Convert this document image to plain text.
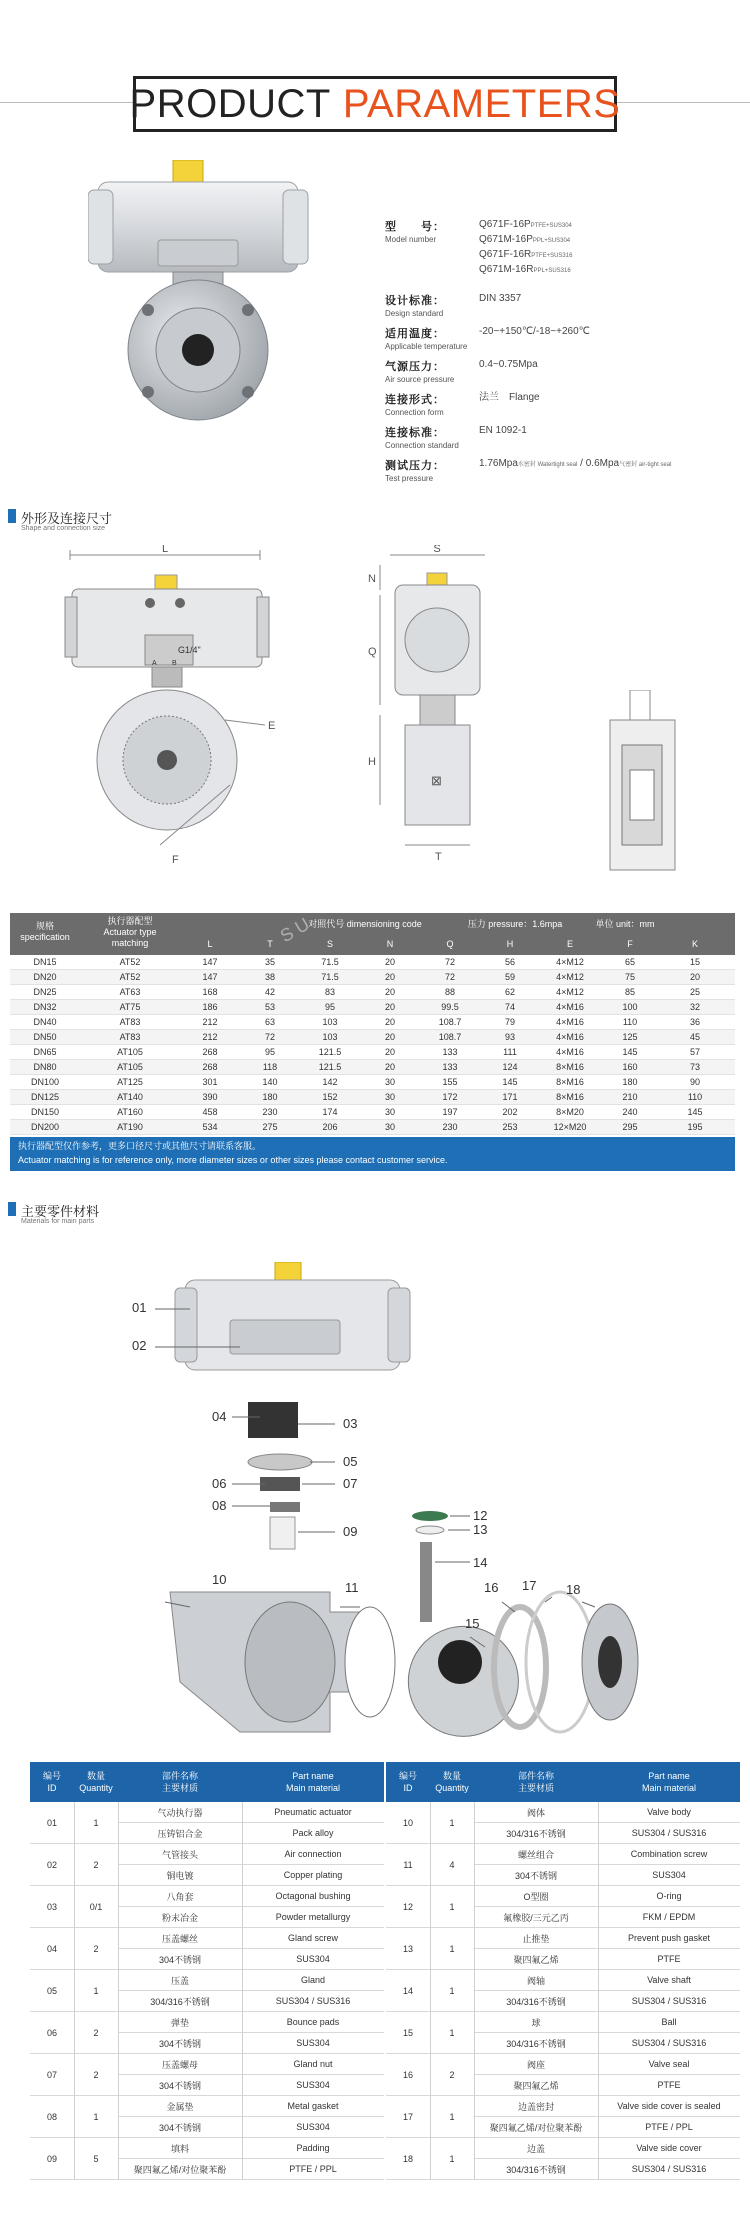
PRODUCT PARAMETERS
型　　号：
Model number
Q671F-16PPTFE+SUS304
Q671M-16PPPL+SUS304
Q671F-16RPTFE+SUS316
Q671M-16RPPL+SUS316
设计标准：
Design standard
DIN 3357
适用温度：
Applicable temperature
-20~+150℃/-18~+260℃
气源压力：
Air source pressure
0.4~0.75Mpa
连接形式：
Connection form
法兰　Flange
连接标准：
Connection standard
EN 1092-1
测试压力：
Test pressure
1.76Mpa水密封 Watertight seal / 0.6Mpa气密封 air-tight seal
外形及连接尺寸
Shape and connection size
L
G1/4"
A B
E
F
S
N
Q
H
⊠
T
规格
specification
执行器配型
Actuator type
matching
对照代号 dimensioning code	压力 pressure：1.6mpa	单位 unit：mm
L	T	S	N	Q	H	E	F	K
S U
DN15	AT52	147	35	71.5	20	72	56	4×M12	65	15
DN20	AT52	147	38	71.5	20	72	59	4×M12	75	20
DN25	AT63	168	42	83	20	88	62	4×M12	85	25
DN32	AT75	186	53	95	20	99.5	74	4×M16	100	32
DN40	AT83	212	63	103	20	108.7	79	4×M16	110	36
DN50	AT83	212	72	103	20	108.7	93	4×M16	125	45
DN65	AT105	268	95	121.5	20	133	111	4×M16	145	57
DN80	AT105	268	118	121.5	20	133	124	8×M16	160	73
DN100	AT125	301	140	142	30	155	145	8×M16	180	90
DN125	AT140	390	180	152	30	172	171	8×M16	210	110
DN150	AT160	458	230	174	30	197	202	8×M20	240	145
DN200	AT190	534	275	206	30	230	253	12×M20	295	195
执行器配型仅作参考，更多口径尺寸或其他尺寸请联系客服。
Actuator matching is for reference only, more diameter sizes or other sizes please contact customer service.
主要零件材料
Materials for main parts
01
02
03
04
05
06	07
08
09
10
11
12
13
14
15
16 17 18
编号
ID
数量
Quantity
部件名称
主要材质
Part name
Main material
01	1
气动执行器	Pneumatic actuator
压铸铝合金	Pack alloy
02	2
气管接头	Air connection
铜电镀	Copper plating
03	0/1
八角套	Octagonal bushing
粉末冶金	Powder metallurgy
04	2
压盖螺丝	Gland screw
304不锈钢	SUS304
05	1
压盖	Gland
304/316不锈钢	SUS304 / SUS316
06	2
弹垫	Bounce pads
304不锈钢	SUS304
07	2
压盖螺母	Gland nut
304不锈钢	SUS304
08	1
金属垫	Metal gasket
304不锈钢	SUS304
09	5
填料	Padding
聚四氟乙烯/对位聚苯酚	PTFE / PPL
编号
ID
数量
Quantity
部件名称
主要材质
Part name
Main material
10	1
阀体	Valve body
304/316不锈钢	SUS304 / SUS316
11	4
螺丝组合	Combination screw
304不锈钢	SUS304
12	1
O型圈	O-ring
氟橡胶/三元乙丙	FKM / EPDM
13	1
止推垫	Prevent push gasket
聚四氟乙烯	PTFE
14	1
阀轴	Valve shaft
304/316不锈钢	SUS304 / SUS316
15	1
球	Ball
304/316不锈钢	SUS304 / SUS316
16	2
阀座	Valve seal
聚四氟乙烯	PTFE
17	1
边盖密封	Valve side cover is sealed
聚四氟乙烯/对位聚苯酚	PTFE / PPL
18	1
边盖	Valve side cover
304/316不锈钢	SUS304 / SUS316
